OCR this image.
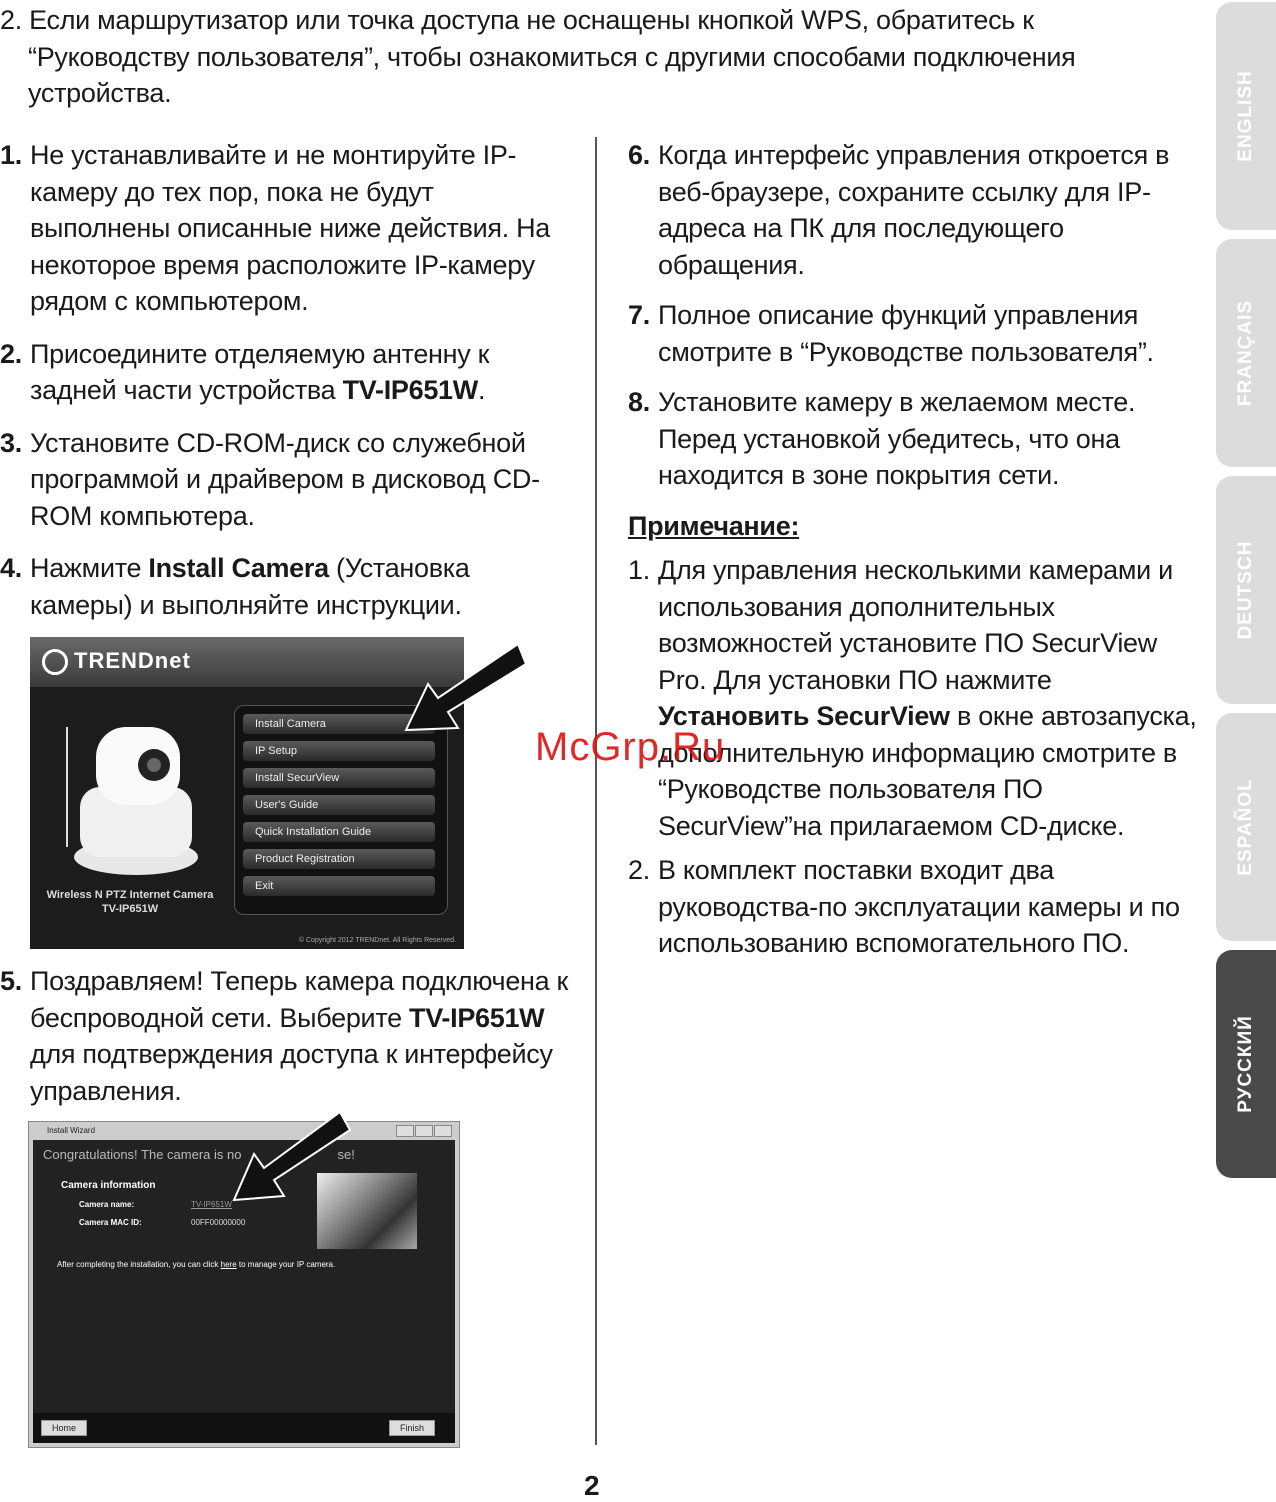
2. Если маршрутизатор или точка доступа не оснащены кнопкой WPS, обратитесь к
“Руководству пользователя”, чтобы ознакомиться с другими способами подключения
устройства.

1. Не устанавливайте и не монтируйте IP-камеру до тех пор, пока не будут выполнены описанные ниже действия. На некоторое время расположите IP-камеру рядом с компьютером.

2. Присоедините отделяемую антенну к задней части устройства TV-IP651W.

3. Установите CD-ROM-диск со служебной программой и драйвером в дисковод CD-ROM компьютера.

4. Нажмите Install Camera (Установка камеры) и выполняйте инструкции.

TRENDnet
Wireless N PTZ Internet Camera
TV-IP651W
Install Camera
IP Setup
Install SecurView
User's Guide
Quick Installation Guide
Product Registration
Exit
© Copyright 2012 TRENDnet. All Rights Reserved.

5. Поздравляем! Теперь камера подключена к беспроводной сети. Выберите TV-IP651W для подтверждения доступа к интерфейсу управления.

Install Wizard
Congratulations! The camera is no	se!
Camera information
Camera name:	TV-IP651W
Camera MAC ID:	00FF00000000
After completing the installation, you can click here to manage your IP camera.
Home	Finish

6. Когда интерфейс управления откроется в веб-браузере, сохраните ссылку для IP-адреса на ПК для последующего обращения.

7. Полное описание функций управления смотрите в “Руководстве пользователя”.

8. Установите камеру в желаемом месте. Перед установкой убедитесь, что она находится в зоне покрытия сети.

Примечание:

1. Для управления несколькими камерами и использования дополнительных возможностей установите ПО SecurView Pro. Для установки ПО нажмите Установить SecurView в окне автозапуска, дополнительную информацию смотрите в “Руководстве пользователя ПО SecurView”на прилагаемом CD-диске.

2. В комплект поставки входит два руководства-по эксплуатации камеры и по использованию вспомогательного ПО.

McGrp.Ru
ENGLISH
FRANÇAIS
DEUTSCH
ESPAÑOL
РУССКИЙ
2
